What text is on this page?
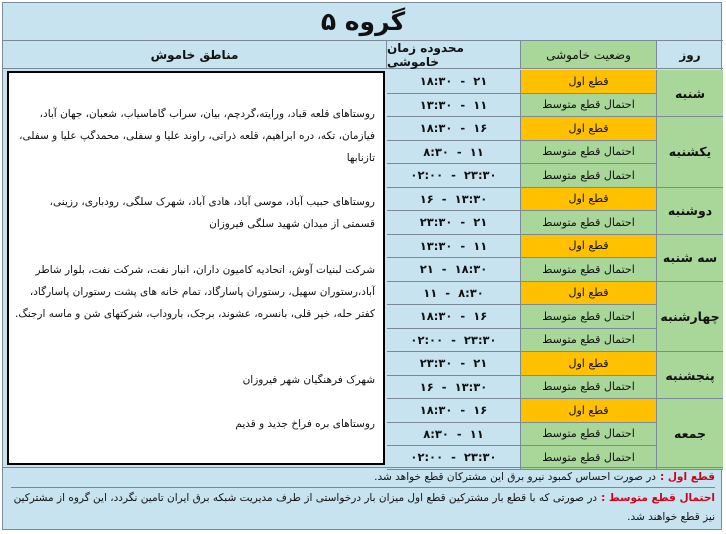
گروه ۵
مناطق خاموش	محدوده زمان خاموشی	وضعیت خاموشی	روز
روستاهای قلعه قباد، ورایته،گردچم، بیان، سراب گاماسیاب، شعبان، جهان آباد، فیازمان، تکه، دره ابراهیم، قلعه ذراتی، راوند علیا و سفلی، محمدگپ علیا و سفلی، تازنابها
روستاهای حبیب آباد، موسی آباد، هادی آباد، شهرک سلگی، رودباری، رزینی، قسمتی از میدان شهید سلگی فیروزان
شرکت لبنیات آوش، اتحادیه کامیون داران، انبار نفت، شرکت نفت، بلوار شاطر آباد،رستوران سهیل، رستوران پاسارگاد، تمام خانه های پشت رستوران پاسارگاد، کفتر حله، خیر قلی، بانسره، عشوند، برجک، باروداب، شرکتهای شن و ماسه ارجنگ.
شهرک فرهنگیان شهر فیروزان
روستاهای بره فراخ جدید و قدیم
۲۱  -  ۱۸:۳۰	قطع اول
۱۱  -  ۱۳:۳۰	احتمال قطع متوسط
شنبه
۱۶  -  ۱۸:۳۰	قطع اول
۱۱  -  ۸:۳۰	احتمال قطع متوسط
۲۳:۳۰  -  ۰۲:۰۰	احتمال قطع متوسط
یکشنبه
۱۳:۳۰  -  ۱۶	قطع اول
۲۱  -  ۲۳:۳۰	احتمال قطع متوسط
دوشنبه
۱۱  -  ۱۳:۳۰	قطع اول
۱۸:۳۰  -  ۲۱	احتمال قطع متوسط
سه شنبه
۸:۳۰  -  ۱۱	قطع اول
۱۶  -  ۱۸:۳۰	احتمال قطع متوسط
۲۳:۳۰  -  ۰۲:۰۰	احتمال قطع متوسط
چهارشنبه
۲۱  -  ۲۳:۳۰	قطع اول
۱۳:۳۰  -  ۱۶	احتمال قطع متوسط
پنجشنبه
۱۶  -  ۱۸:۳۰	قطع اول
۱۱  -  ۸:۳۰	احتمال قطع متوسط
۲۳:۳۰  -  ۰۲:۰۰	احتمال قطع متوسط
جمعه
قطع اول :در صورت احساس کمبود نیرو برق این مشترکان قطع خواهد شد.
احتمال قطع متوسط :در صورتی که با قطع بار مشترکین قطع اول میزان بار درخواستی از طرف مدیریت شبکه برق ایران تامین نگردد، این گروه از مشترکین نیز قطع خواهند شد.
